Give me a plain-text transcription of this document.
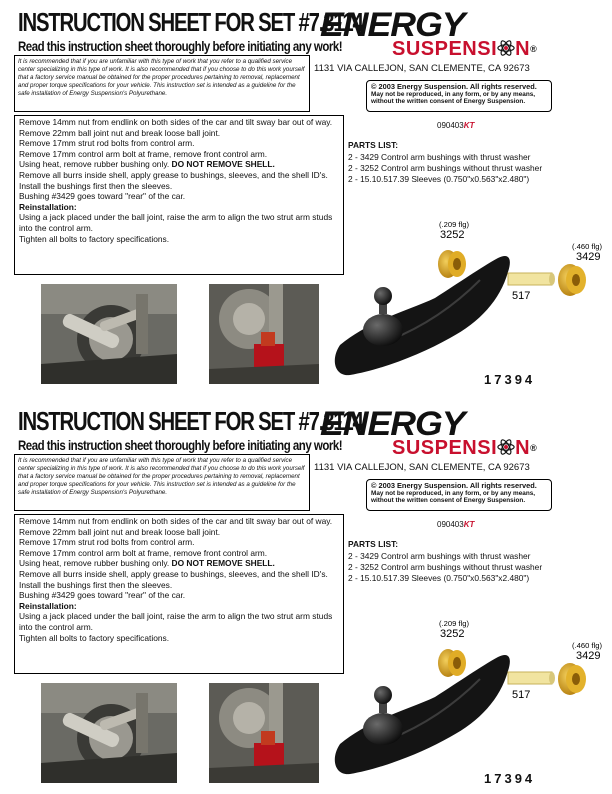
INSTRUCTION SHEET FOR SET #7.3114
Read this instruction sheet thoroughly before initiating any work!
It is recommended that if you are unfamiliar with this type of work that you refer to a qualified service center specializing in this type of work. It is also recommended that if you choose to do this work yourself that a factory service manual be obtained for the proper procedures pertaining to removal, replacement and proper torque specifications for your vehicle. This instruction set is intended as a guideline for the safe installation of Energy Suspension's Polyurethane.
ENERGY
SUSPENSI N®
1131 VIA CALLEJON, SAN CLEMENTE, CA 92673
© 2003 Energy Suspension. All rights reserved.
May not be reproduced, in any form, or by any means, without the written consent of Energy Suspension.
090403KT

Remove 14mm nut from endlink on both sides of the car and tilt sway bar out of way.

Remove 22mm ball joint nut and break loose ball joint.

Remove 17mm strut rod bolts from control arm.

Remove 17mm control arm bolt at frame, remove front control arm.

Using heat, remove rubber bushing only. DO NOT REMOVE SHELL.

Remove all burrs inside shell, apply grease to bushings, sleeves, and the shell ID's. Install the bushings first then the sleeves.

Bushing #3429 goes toward "rear" of the car.

Reinstallation:

Using a jack placed under the ball joint, raise the arm to align the two strut arm studs into the control arm.

Tighten all bolts to factory specifications.

PARTS LIST:
2 - 3429 Control arm bushings with thrust washer
2 - 3252 Control arm bushings without thrust washer
2 - 15.10.517.39 Sleeves (0.750"x0.563"x2.480")
(.209 flg)
3252
(.460 flg)
3429
517
17394
INSTRUCTION SHEET FOR SET #7.3114
Read this instruction sheet thoroughly before initiating any work!
It is recommended that if you are unfamiliar with this type of work that you refer to a qualified service center specializing in this type of work. It is also recommended that if you choose to do this work yourself that a factory service manual be obtained for the proper procedures pertaining to removal, replacement and proper torque specifications for your vehicle. This instruction set is intended as a guideline for the safe installation of Energy Suspension's Polyurethane.
ENERGY
SUSPENSI N®
1131 VIA CALLEJON, SAN CLEMENTE, CA 92673
© 2003 Energy Suspension. All rights reserved.
May not be reproduced, in any form, or by any means, without the written consent of Energy Suspension.
090403KT

Remove 14mm nut from endlink on both sides of the car and tilt sway bar out of way.

Remove 22mm ball joint nut and break loose ball joint.

Remove 17mm strut rod bolts from control arm.

Remove 17mm control arm bolt at frame, remove front control arm.

Using heat, remove rubber bushing only. DO NOT REMOVE SHELL.

Remove all burrs inside shell, apply grease to bushings, sleeves, and the shell ID's. Install the bushings first then the sleeves.

Bushing #3429 goes toward "rear" of the car.

Reinstallation:

Using a jack placed under the ball joint, raise the arm to align the two strut arm studs into the control arm.

Tighten all bolts to factory specifications.

PARTS LIST:
2 - 3429 Control arm bushings with thrust washer
2 - 3252 Control arm bushings without thrust washer
2 - 15.10.517.39 Sleeves (0.750"x0.563"x2.480")
(.209 flg)
3252
(.460 flg)
3429
517
17394
